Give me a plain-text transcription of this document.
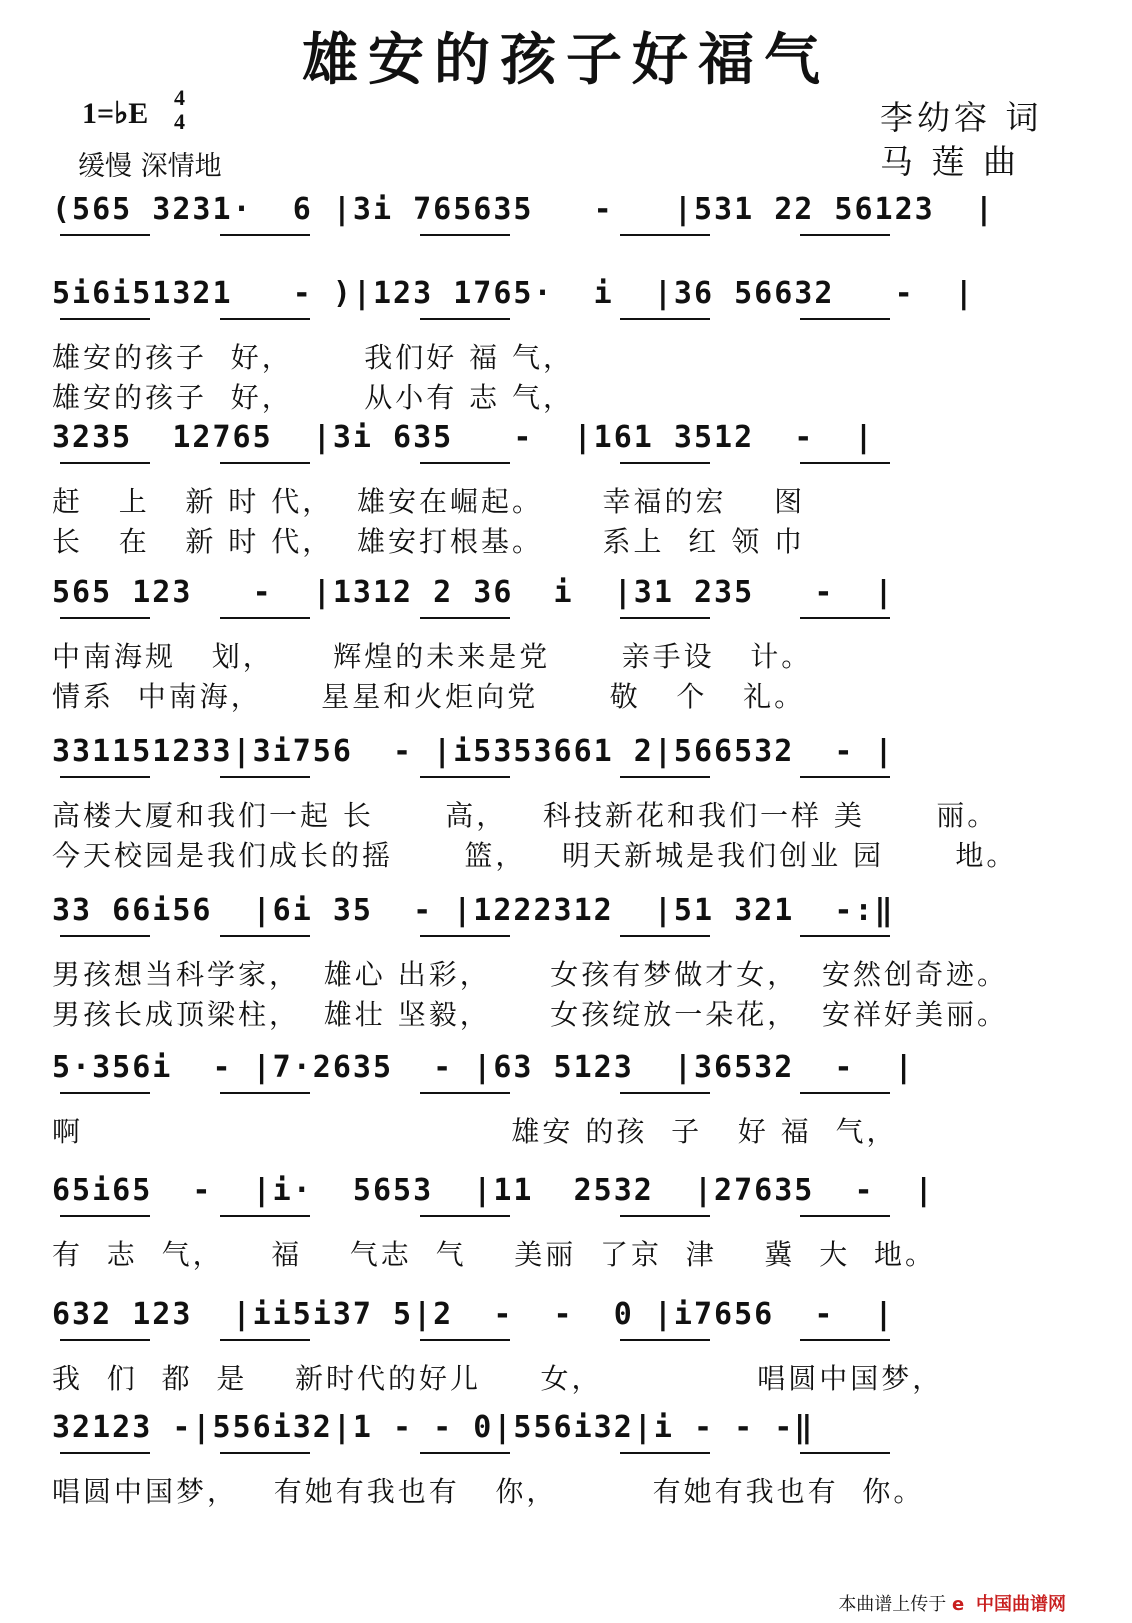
雄安的孩子好福气
1=♭E 4
4
缓慢 深情地
李幼容 词
马 莲 曲
(565 3231·  6 |3i 765635   -   |531 22 56123  |
5i6i51321   - )|123 1765·  i  |36 56632   -  |
雄安的孩子  好，      我们好 福 气，
雄安的孩子  好，      从小有 志 气，
3235  12765  |3i 635   -  |161 3512  -  |
赶   上   新 时 代，  雄安在崛起。     幸福的宏    图
长   在   新 时 代，  雄安打根基。     系上  红 领 巾
565 123   -  |1312 2 36  i  |31 235   -  |
中南海规   划，     辉煌的未来是党      亲手设   计。
情系  中南海，     星星和火炬向党      敬   个   礼。
331151233|3i756  - |i5353661 2|566532  - |
高楼大厦和我们一起 长      高，   科技新花和我们一样 美      丽。
今天校园是我们成长的摇      篮，   明天新城是我们创业 园      地。
33 66i56  |6i 35  - |1222312  |51 321  -:‖
男孩想当科学家，  雄心 出彩，     女孩有梦做才女，  安然创奇迹。
男孩长成顶梁柱，  雄壮 坚毅，     女孩绽放一朵花，  安祥好美丽。
5·356i  - |7·2635  - |63 5123  |36532  -  |
啊                                    雄安 的孩  子   好 福  气，
65i65  -  |i·  5653  |11  2532  |27635  -  |
有  志  气，    福    气志  气    美丽  了京  津    冀  大  地。
632 123  |ii5i37 5|2  -  -  0 |i7656  -  |
我  们  都  是    新时代的好儿     女，             唱圆中国梦，
32123 -|556i32|1 - - 0|556i32|i - - -‖
唱圆中国梦，   有她有我也有   你，        有她有我也有  你。
本曲谱上传于 e 中国曲谱网
